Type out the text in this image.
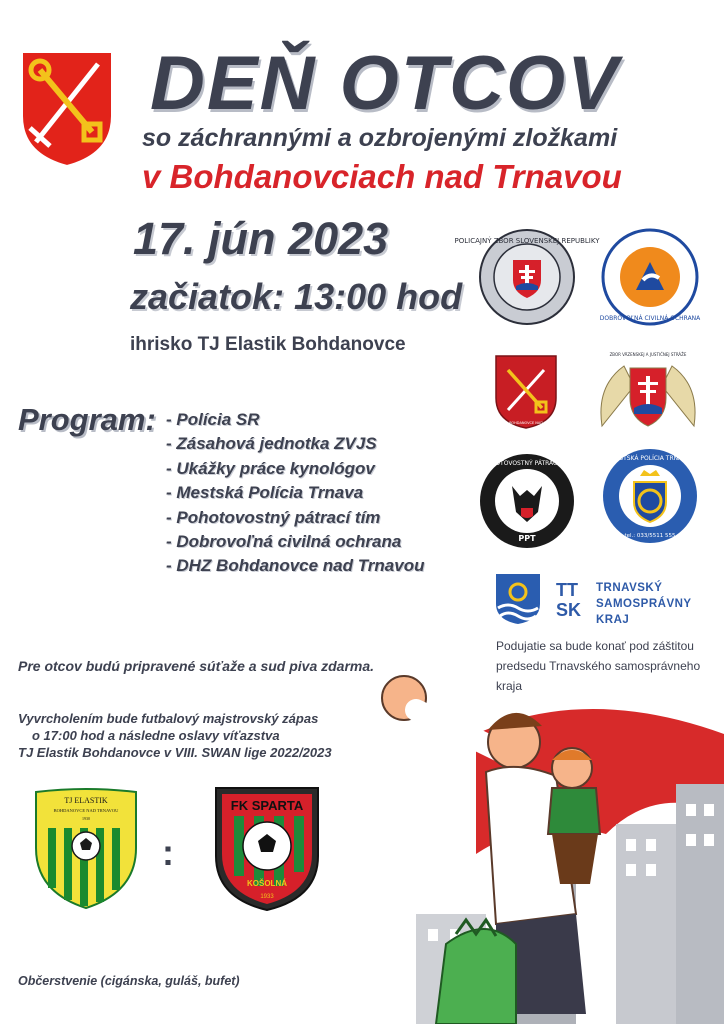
DEŇ OTCOV
so záchrannými a ozbrojenými zložkami
v Bohdanovciach nad Trnavou
17. jún 2023
začiatok: 13:00 hod
ihrisko TJ Elastik Bohdanovce
POLICAJNÝ ZBOR SLOVENSKEJ REPUBLIKY
DOBROVOĽNÁ CIVILNÁ OCHRANA
HRADKO · BOHDANOVCE NAD TRNAVOU
ZBOR VÄZENSKEJ A JUSTIČNEJ STRÁŽE
Program: - Polícia SR
- Zásahová jednotka ZVJS
- Ukážky práce kynológov
- Mestská Polícia Trnava
- Pohotovostný pátrací tím
- Dobrovoľná civilná ochrana
- DHZ Bohdanovce nad Trnavou
PPT
POHOTOVOSTNÝ PÁTRACÍ TÍM
MESTSKÁ POLÍCIA TRNAVA
tel.: 033/5511 555
TT
SK
TRNAVSKÝ
SAMOSPRÁVNY
KRAJ
Podujatie sa bude konať pod záštitou
predsedu Trnavského samosprávneho kraja
Pre otcov budú pripravené súťaže a sud piva zdarma.
Vyvrcholením bude futbalový majstrovský zápas
o 17:00 hod a následne oslavy víťazstva
TJ Elastik Bohdanovce v VIII. SWAN lige 2022/2023
TJ ELASTIK
BOHDANOVCE NAD TRNAVOU
1930
:
FK SPARTA
KOŠOLNÁ
1933
Občerstvenie (cigánska, guláš, bufet)
